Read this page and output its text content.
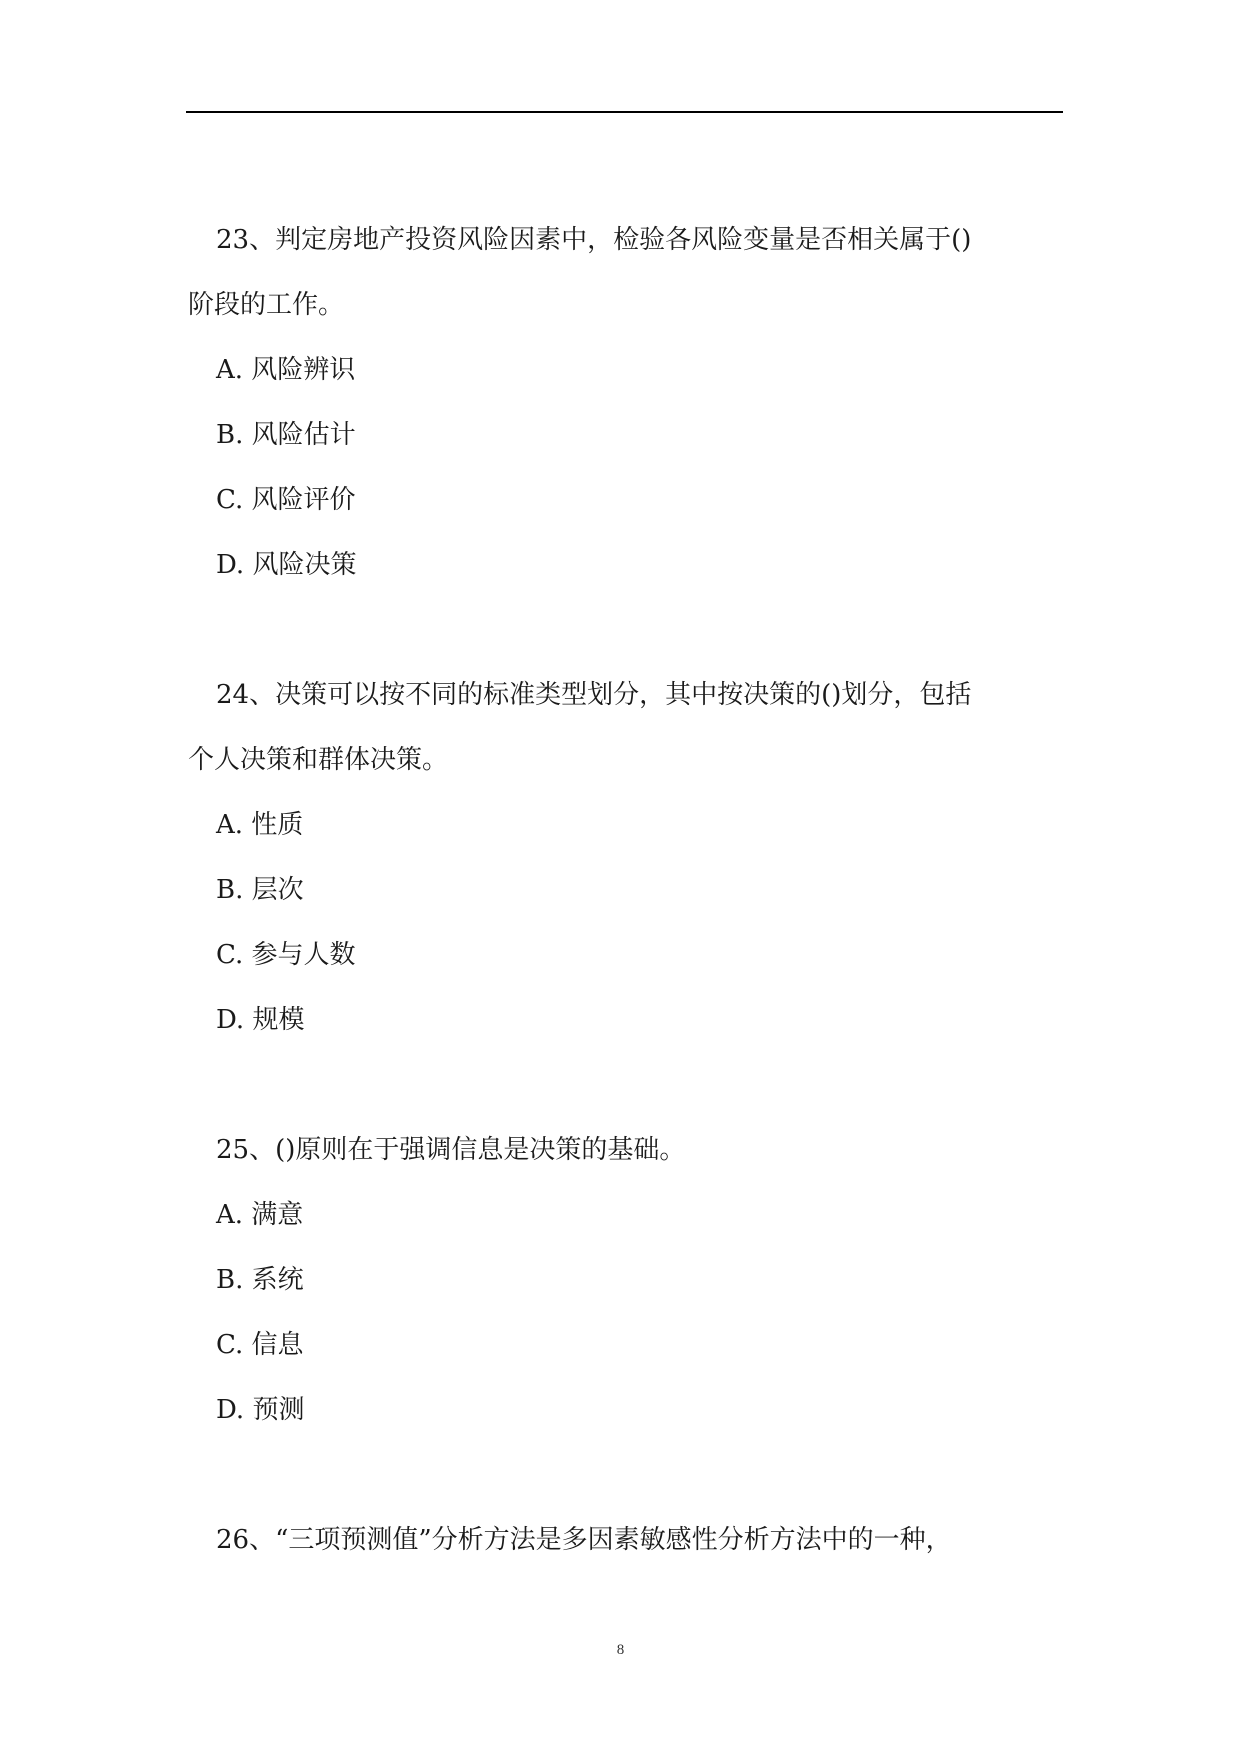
23、判定房地产投资风险因素中，检验各风险变量是否相关属于()
阶段的工作。
A. 风险辨识
B. 风险估计
C. 风险评价
D. 风险决策
24、决策可以按不同的标准类型划分，其中按决策的()划分，包括
个人决策和群体决策。
A. 性质
B. 层次
C. 参与人数
D. 规模
25、()原则在于强调信息是决策的基础。
A. 满意
B. 系统
C. 信息
D. 预测
26、“三项预测值”分析方法是多因素敏感性分析方法中的一种，
8
